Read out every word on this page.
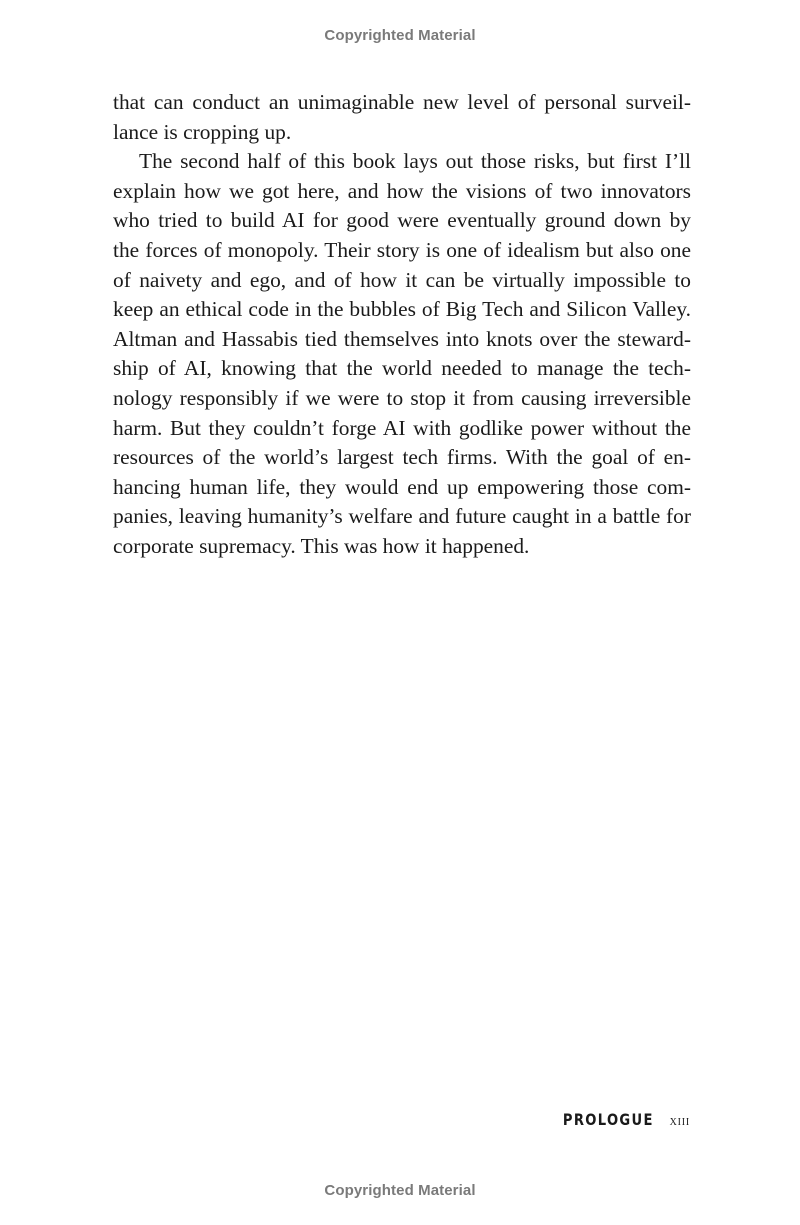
Copyrighted Material
that can conduct an unimaginable new level of personal surveil-
lance is cropping up.
The second half of this book lays out those risks, but first I’ll
explain how we got here, and how the visions of two innovators
who tried to build AI for good were eventually ground down by
the forces of monopoly. Their story is one of idealism but also one
of naivety and ego, and of how it can be virtually impossible to
keep an ethical code in the bubbles of Big Tech and Silicon Valley.
Altman and Hassabis tied themselves into knots over the steward-
ship of AI, knowing that the world needed to manage the tech-
nology responsibly if we were to stop it from causing irreversible
harm. But they couldn’t forge AI with godlike power without the
resources of the world’s largest tech firms. With the goal of en-
hancing human life, they would end up empowering those com-
panies, leaving humanity’s welfare and future caught in a battle for
corporate supremacy. This was how it happened.
PROLOGUE xiii
Copyrighted Material
